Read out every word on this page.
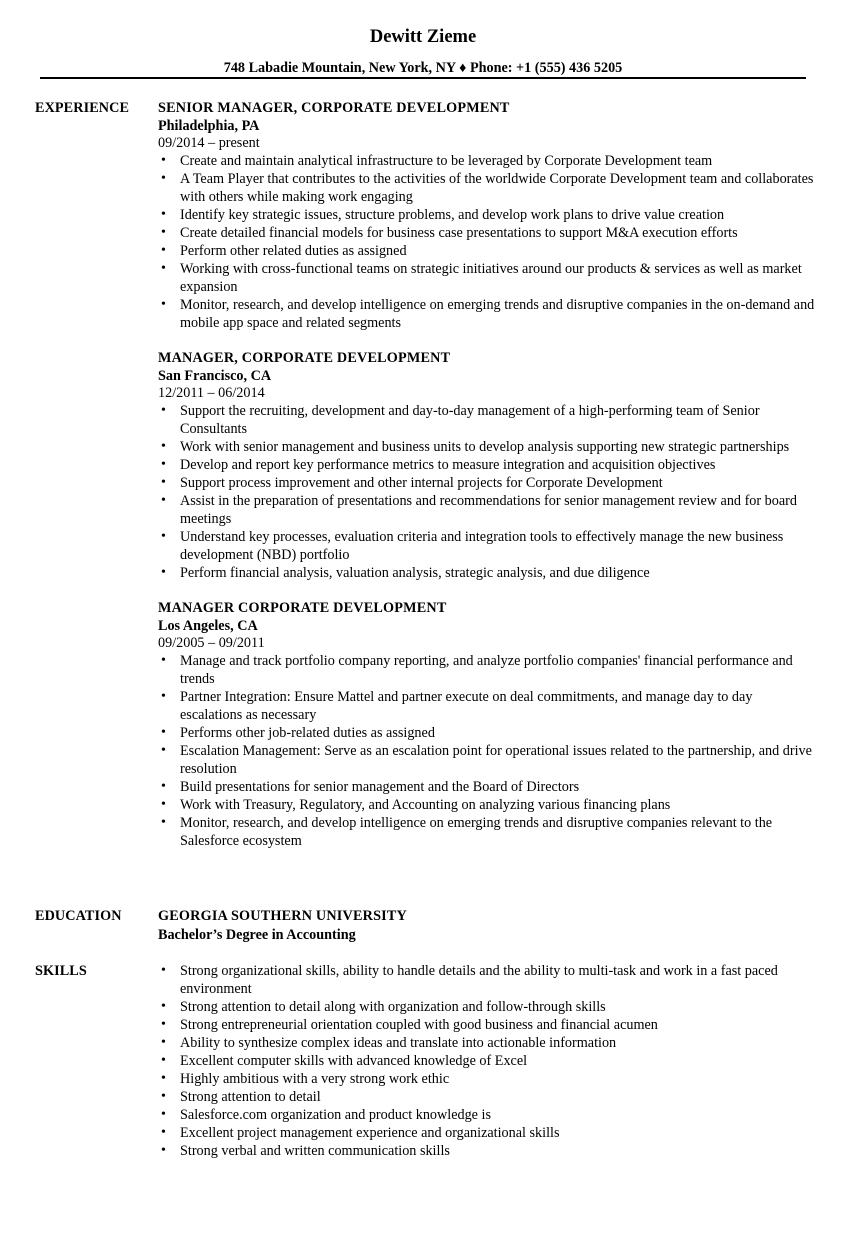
Dewitt Zieme
748 Labadie Mountain, New York, NY ♦ Phone: +1 (555) 436 5205
EXPERIENCE SENIOR MANAGER, CORPORATE DEVELOPMENT
Philadelphia, PA
09/2014 – present
• Create and maintain analytical infrastructure to be leveraged by Corporate Development team
• A Team Player that contributes to the activities of the worldwide Corporate Development team and collaborates with others while making work engaging
• Identify key strategic issues, structure problems, and develop work plans to drive value creation
• Create detailed financial models for business case presentations to support M&A execution efforts
• Perform other related duties as assigned
• Working with cross-functional teams on strategic initiatives around our products & services as well as market expansion
• Monitor, research, and develop intelligence on emerging trends and disruptive companies in the on-demand and mobile app space and related segments
MANAGER, CORPORATE DEVELOPMENT
San Francisco, CA
12/2011 – 06/2014
• Support the recruiting, development and day-to-day management of a high-performing team of Senior Consultants
• Work with senior management and business units to develop analysis supporting new strategic partnerships
• Develop and report key performance metrics to measure integration and acquisition objectives
• Support process improvement and other internal projects for Corporate Development
• Assist in the preparation of presentations and recommendations for senior management review and for board meetings
• Understand key processes, evaluation criteria and integration tools to effectively manage the new business development (NBD) portfolio
• Perform financial analysis, valuation analysis, strategic analysis, and due diligence
MANAGER CORPORATE DEVELOPMENT
Los Angeles, CA
09/2005 – 09/2011
• Manage and track portfolio company reporting, and analyze portfolio companies' financial performance and trends
• Partner Integration: Ensure Mattel and partner execute on deal commitments, and manage day to day escalations as necessary
• Performs other job-related duties as assigned
• Escalation Management: Serve as an escalation point for operational issues related to the partnership, and drive resolution
• Build presentations for senior management and the Board of Directors
• Work with Treasury, Regulatory, and Accounting on analyzing various financing plans
• Monitor, research, and develop intelligence on emerging trends and disruptive companies relevant to the Salesforce ecosystem
EDUCATION	GEORGIA SOUTHERN UNIVERSITY
Bachelor’s Degree in Accounting
SKILLS	• Strong organizational skills, ability to handle details and the ability to multi-task and work in a fast paced environment
• Strong attention to detail along with organization and follow-through skills
• Strong entrepreneurial orientation coupled with good business and financial acumen
• Ability to synthesize complex ideas and translate into actionable information
• Excellent computer skills with advanced knowledge of Excel
• Highly ambitious with a very strong work ethic
• Strong attention to detail
• Salesforce.com organization and product knowledge is
• Excellent project management experience and organizational skills
• Strong verbal and written communication skills
